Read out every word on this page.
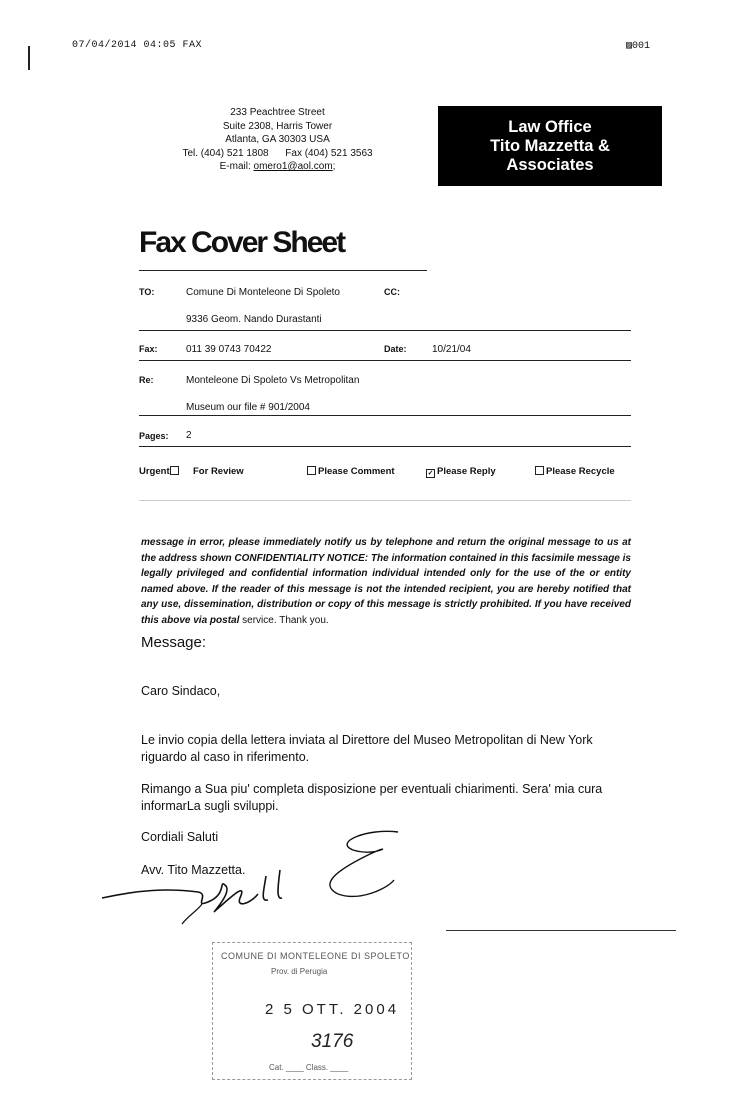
07/04/2014 04:05 FAX	▨001
233 Peachtree Street
Suite 2308, Harris Tower
Atlanta, GA 30303 USA
Tel. (404) 521 1808 Fax (404) 521 3563
E-mail: omero1@aol.com;
Law Office
Tito Mazzetta &
Associates
Fax Cover Sheet
TO:	Comune Di Monteleone Di Spoleto	CC:
9336 Geom. Nando Durastanti
Fax:	011 39 0743 70422	Date:	10/21/04
Re:	Monteleone Di Spoleto Vs Metropolitan
Museum our file # 901/2004
Pages: 2
Urgent	For Review	Please Comment	✓ Please Reply	Please Recycle
message in error, please immediately notify us by telephone and return the original message to us at the address shown CONFIDENTIALITY NOTICE: The information contained in this facsimile message is legally privileged and confidential information individual intended only for the use of the or entity named above. If the reader of this message is not the intended recipient, you are hereby notified that any use, dissemination, distribution or copy of this message is strictly prohibited. If you have received this above via postal service. Thank you.
Message:
Caro Sindaco,
Le invio copia della lettera inviata al Direttore del Museo Metropolitan di New York riguardo al caso in riferimento.
Rimango a Sua piu' completa disposizione per eventuali chiarimenti. Sera' mia cura informarLa sugli sviluppi.
Cordiali Saluti
Avv. Tito Mazzetta.
COMUNE DI MONTELEONE DI SPOLETO
Prov. di Perugia
2 5 OTT. 2004
3176
Cat. ____ Class. ____
